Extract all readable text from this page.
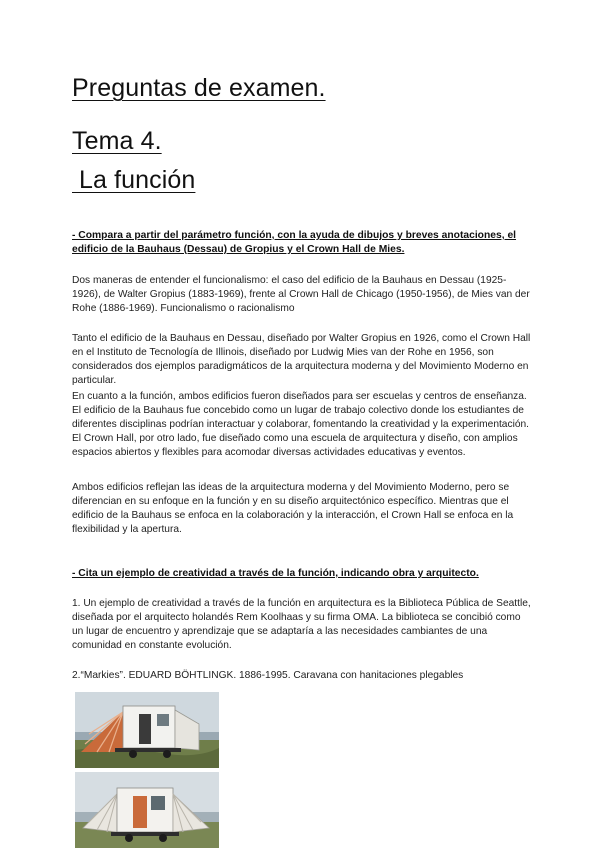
Preguntas de examen.
Tema 4.
La función

- Compara a partir del parámetro función, con la ayuda de dibujos y breves anotaciones, el edificio de la Bauhaus (Dessau) de Gropius y el Crown Hall de Mies.

Dos maneras de entender el funcionalismo: el caso del edificio de la Bauhaus en Dessau (1925- 1926), de Walter Gropius (1883-1969), frente al Crown Hall de Chicago (1950-1956), de Mies van der Rohe (1886-1969). Funcionalismo o racionalismo

Tanto el edificio de la Bauhaus en Dessau, diseñado por Walter Gropius en 1926, como el Crown Hall en el Instituto de Tecnología de Illinois, diseñado por Ludwig Mies van der Rohe en 1956, son considerados dos ejemplos paradigmáticos de la arquitectura moderna y del Movimiento Moderno en particular.

En cuanto a la función, ambos edificios fueron diseñados para ser escuelas y centros de enseñanza. El edificio de la Bauhaus fue concebido como un lugar de trabajo colectivo donde los estudiantes de diferentes disciplinas podrían interactuar y colaborar, fomentando la creatividad y la experimentación. El Crown Hall, por otro lado, fue diseñado como una escuela de arquitectura y diseño, con amplios espacios abiertos y flexibles para acomodar diversas actividades educativas y eventos.

Ambos edificios reflejan las ideas de la arquitectura moderna y del Movimiento Moderno, pero se diferencian en su enfoque en la función y en su diseño arquitectónico específico. Mientras que el edificio de la Bauhaus se enfoca en la colaboración y la interacción, el Crown Hall se enfoca en la flexibilidad y la apertura.

- Cita un ejemplo de creatividad a través de la función, indicando obra y arquitecto.

1. Un ejemplo de creatividad a través de la función en arquitectura es la Biblioteca Pública de Seattle, diseñada por el arquitecto holandés Rem Koolhaas y su firma OMA. La biblioteca se concibió como un lugar de encuentro y aprendizaje que se adaptaría a las necesidades cambiantes de una comunidad en constante evolución.

2.“Markies”. EDUARD BÖHTLINGK. 1886-1995. Caravana con hanitaciones plegables
